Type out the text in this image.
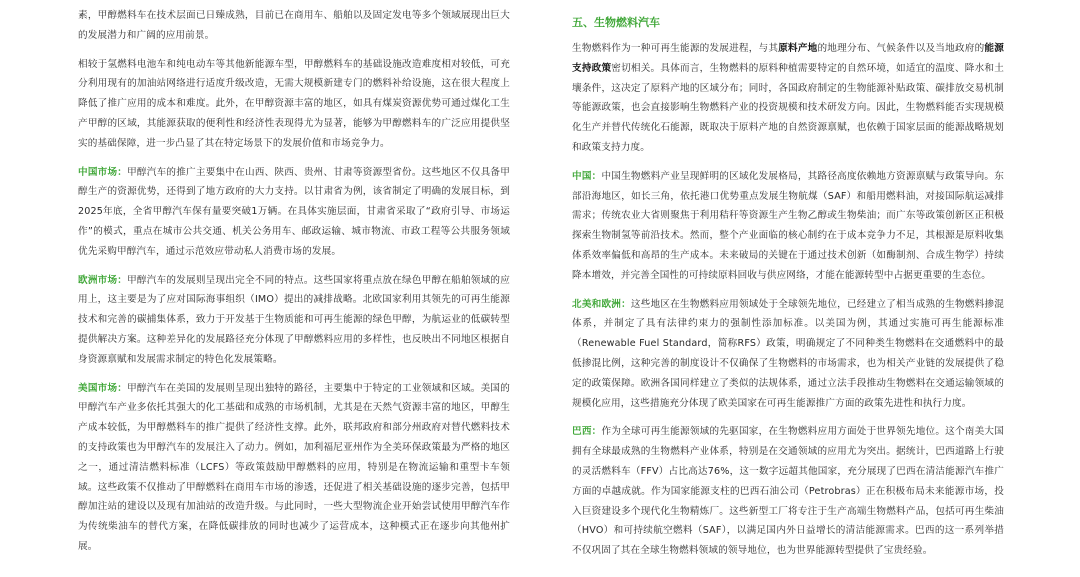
素，甲醇燃料车在技术层面已日臻成熟，目前已在商用车、船舶以及固定发电等多个领域展现出巨大的发展潜力和广阔的应用前景。

相较于氢燃料电池车和纯电动车等其他新能源车型，甲醇燃料车的基础设施改造难度相对较低，可充分利用现有的加油站网络进行适度升级改造，无需大规模新建专门的燃料补给设施，这在很大程度上降低了推广应用的成本和难度。此外，在甲醇资源丰富的地区，如具有煤炭资源优势可通过煤化工生产甲醇的区域，其能源获取的便利性和经济性表现得尤为显著，能够为甲醇燃料车的广泛应用提供坚实的基础保障，进一步凸显了其在特定场景下的发展价值和市场竞争力。

中国市场：甲醇汽车的推广主要集中在山西、陕西、贵州、甘肃等资源型省份。这些地区不仅具备甲醇生产的资源优势，还得到了地方政府的大力支持。以甘肃省为例，该省制定了明确的发展目标，到2025年底，全省甲醇汽车保有量要突破1万辆。在具体实施层面，甘肃省采取了“政府引导、市场运作”的模式，重点在城市公共交通、机关公务用车、邮政运输、城市物流、市政工程等公共服务领域优先采购甲醇汽车，通过示范效应带动私人消费市场的发展。

欧洲市场：甲醇汽车的发展则呈现出完全不同的特点。这些国家将重点放在绿色甲醇在船舶领域的应用上，这主要是为了应对国际海事组织（IMO）提出的减排战略。北欧国家利用其领先的可再生能源技术和完善的碳捕集体系，致力于开发基于生物质能和可再生能源的绿色甲醇，为航运业的低碳转型提供解决方案。这种差异化的发展路径充分体现了甲醇燃料应用的多样性，也反映出不同地区根据自身资源禀赋和发展需求制定的特色化发展策略。

美国市场：甲醇汽车在美国的发展则呈现出独特的路径，主要集中于特定的工业领域和区域。美国的甲醇汽车产业多依托其强大的化工基础和成熟的市场机制，尤其是在天然气资源丰富的地区，甲醇生产成本较低，为甲醇燃料车的推广提供了经济性支撑。此外，联邦政府和部分州政府对替代燃料技术的支持政策也为甲醇汽车的发展注入了动力。例如，加利福尼亚州作为全美环保政策最为严格的地区之一，通过清洁燃料标准（LCFS）等政策鼓励甲醇燃料的应用，特别是在物流运输和重型卡车领域。这些政策不仅推动了甲醇燃料在商用车市场的渗透，还促进了相关基础设施的逐步完善，包括甲醇加注站的建设以及现有加油站的改造升级。与此同时，一些大型物流企业开始尝试使用甲醇汽车作为传统柴油车的替代方案，在降低碳排放的同时也减少了运营成本，这种模式正在逐步向其他州扩展。

五、生物燃料汽车

生物燃料作为一种可再生能源的发展进程，与其原料产地的地理分布、气候条件以及当地政府的能源支持政策密切相关。具体而言，生物燃料的原料种植需要特定的自然环境，如适宜的温度、降水和土壤条件，这决定了原料产地的区域分布；同时，各国政府制定的生物能源补贴政策、碳排放交易机制等能源政策，也会直接影响生物燃料产业的投资规模和技术研发方向。因此，生物燃料能否实现规模化生产并替代传统化石能源，既取决于原料产地的自然资源禀赋，也依赖于国家层面的能源战略规划和政策支持力度。

中国：中国生物燃料产业呈现鲜明的区域化发展格局，其路径高度依赖地方资源禀赋与政策导向。东部沿海地区，如长三角，依托港口优势重点发展生物航煤（SAF）和船用燃料油，对接国际航运减排需求；传统农业大省则聚焦于利用秸秆等资源生产生物乙醇或生物柴油；而广东等政策创新区正积极探索生物制氢等前沿技术。然而，整个产业面临的核心制约在于成本竞争力不足，其根源是原料收集体系效率偏低和高昂的生产成本。未来破局的关键在于通过技术创新（如酶制剂、合成生物学）持续降本增效，并完善全国性的可持续原料回收与供应网络，才能在能源转型中占据更重要的生态位。

北美和欧洲：这些地区在生物燃料应用领域处于全球领先地位，已经建立了相当成熟的生物燃料掺混体系，并制定了具有法律约束力的强制性添加标准。以美国为例，其通过实施可再生能源标准（Renewable Fuel Standard，简称RFS）政策，明确规定了不同种类生物燃料在交通燃料中的最低掺混比例，这种完善的制度设计不仅确保了生物燃料的市场需求，也为相关产业链的发展提供了稳定的政策保障。欧洲各国同样建立了类似的法规体系，通过立法手段推动生物燃料在交通运输领域的规模化应用，这些措施充分体现了欧美国家在可再生能源推广方面的政策先进性和执行力度。

巴西：作为全球可再生能源领域的先驱国家，在生物燃料应用方面处于世界领先地位。这个南美大国拥有全球最成熟的生物燃料产业体系，特别是在交通领域的应用尤为突出。据统计，巴西道路上行驶的灵活燃料车（FFV）占比高达76%，这一数字远超其他国家，充分展现了巴西在清洁能源汽车推广方面的卓越成就。作为国家能源支柱的巴西石油公司（Petrobras）正在积极布局未来能源市场，投入巨资建设多个现代化生物精炼厂。这些新型工厂将专注于生产高端生物燃料产品，包括可再生柴油（HVO）和可持续航空燃料（SAF），以满足国内外日益增长的清洁能源需求。巴西的这一系列举措不仅巩固了其在全球生物燃料领域的领导地位，也为世界能源转型提供了宝贵经验。
